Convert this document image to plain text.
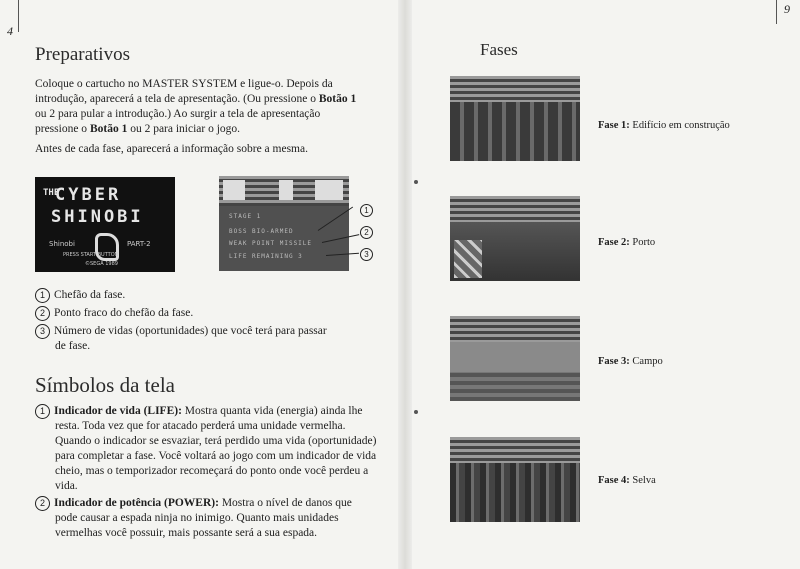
4
Preparativos

Coloque o cartucho no MASTER SYSTEM e ligue-o. Depois da introdução, aparecerá a tela de apresentação. (Ou pressione o Botão 1 ou 2 para pular a introdução.) Ao surgir a tela de apresentação pressione o Botão 1 ou 2 para iniciar o jogo.

Antes de cada fase, aparecerá a informação sobre a mesma.

THE
CYBER
SHINOBI
Shinobi	PART-2
PRESS START BUTTON
©SEGA 1989
STAGE 1
BOSS BIO-ARMED
WEAK POINT MISSILE
LIFE REMAINING 3
1
2
3
1 Chefão da fase.
2 Ponto fraco do chefão da fase.
3 Número de vidas (oportunidades) que você terá para passar
de fase.
Símbolos da tela
1 Indicador de vida (LIFE): Mostra quanta vida (energia) ainda lhe
resta. Toda vez que for atacado perderá uma unidade vermelha. Quando o indicador se esvaziar, terá perdido uma vida (oportunidade) para completar a fase. Você voltará ao jogo com um indicador de vida cheio, mas o temporizador recomeçará do ponto onde você perdeu a vida.
2 Indicador de potência (POWER): Mostra o nível de danos que
pode causar a espada ninja no inimigo. Quanto mais unidades vermelhas você possuir, mais possante será a sua espada.
9
Fases
Fase 1: Edifício em construção
Fase 2: Porto
Fase 3: Campo
Fase 4: Selva
